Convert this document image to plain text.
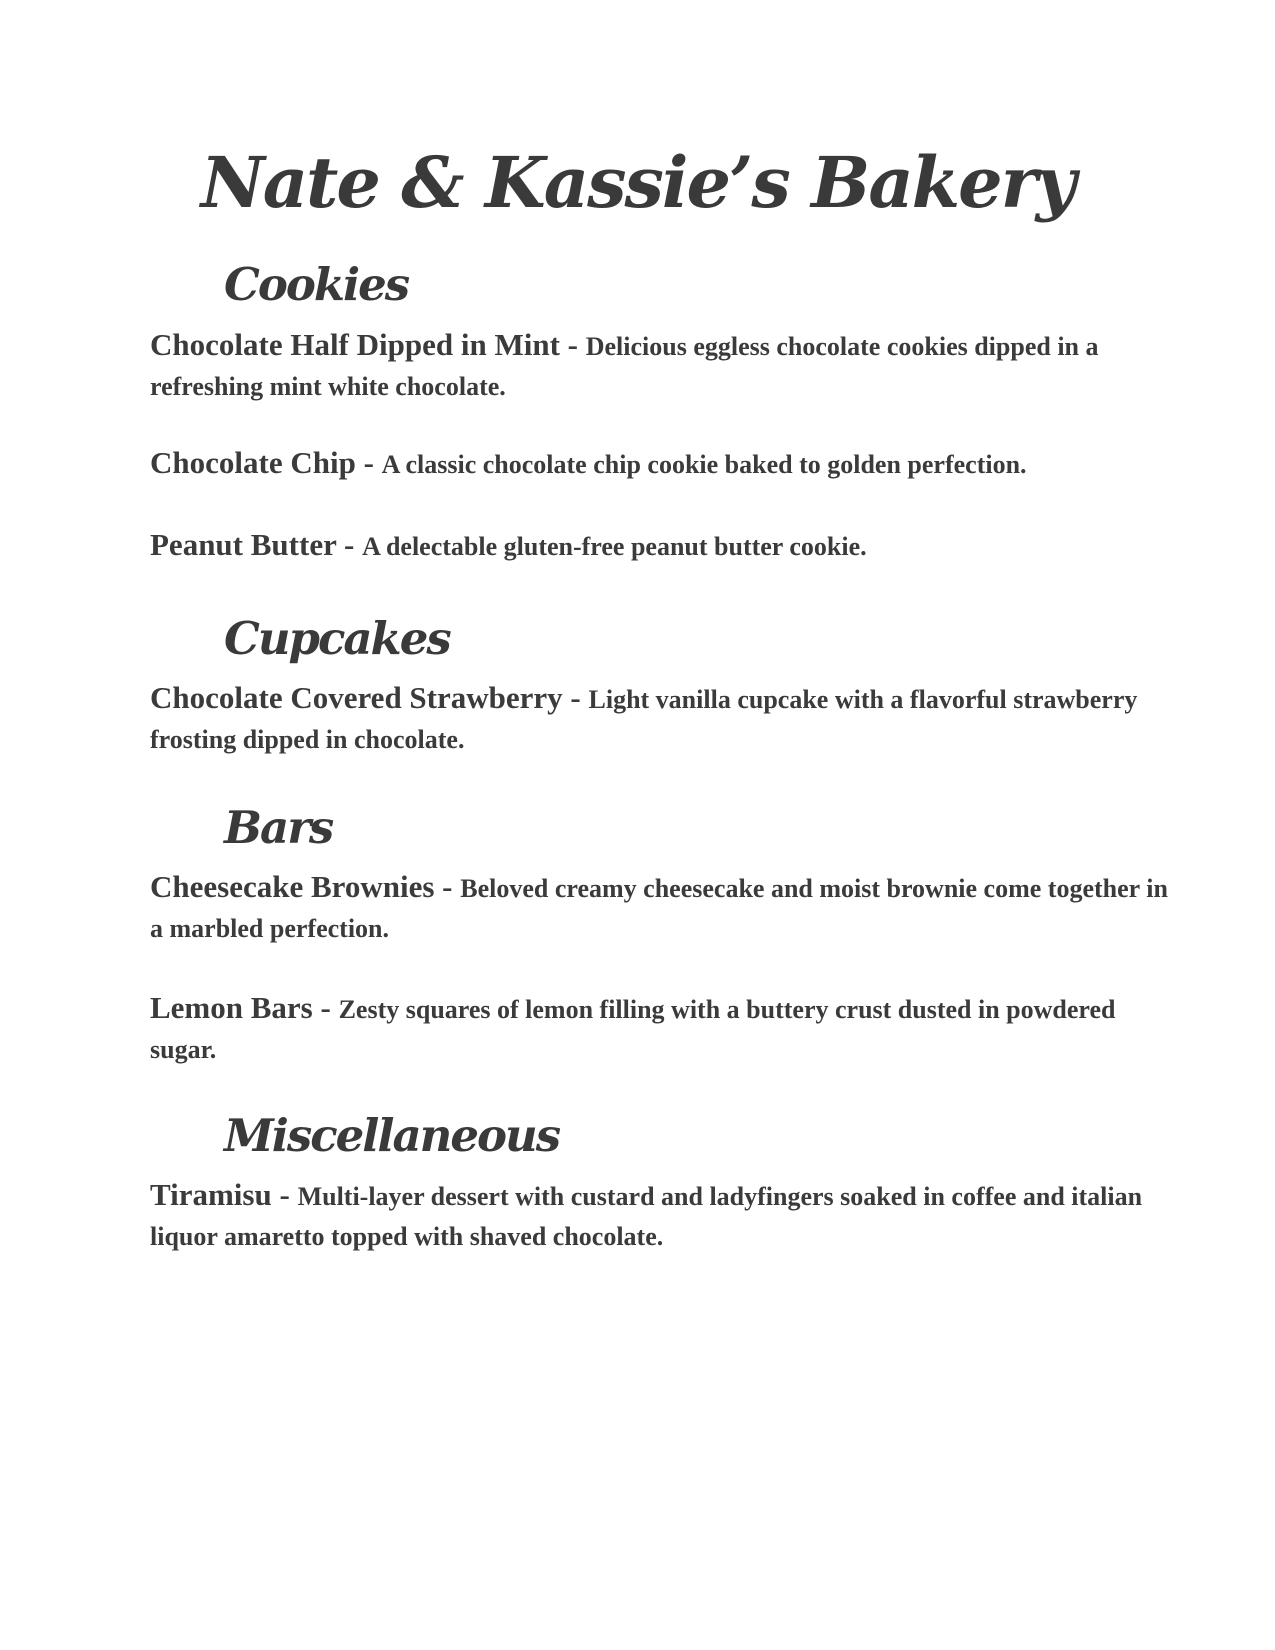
Nate & Kassie’s Bakery
Cookies
Chocolate Half Dipped in Mint - Delicious eggless chocolate cookies dipped in a refreshing mint white chocolate.
Chocolate Chip - A classic chocolate chip cookie baked to golden perfection.
Peanut Butter - A delectable gluten-free peanut butter cookie.
Cupcakes
Chocolate Covered Strawberry - Light vanilla cupcake with a flavorful strawberry frosting dipped in chocolate.
Bars
Cheesecake Brownies - Beloved creamy cheesecake and moist brownie come together in a marbled perfection.
Lemon Bars - Zesty squares of lemon filling with a buttery crust dusted in powdered sugar.
Miscellaneous
Tiramisu - Multi-layer dessert with custard and ladyfingers soaked in coffee and italian liquor amaretto topped with shaved chocolate.
